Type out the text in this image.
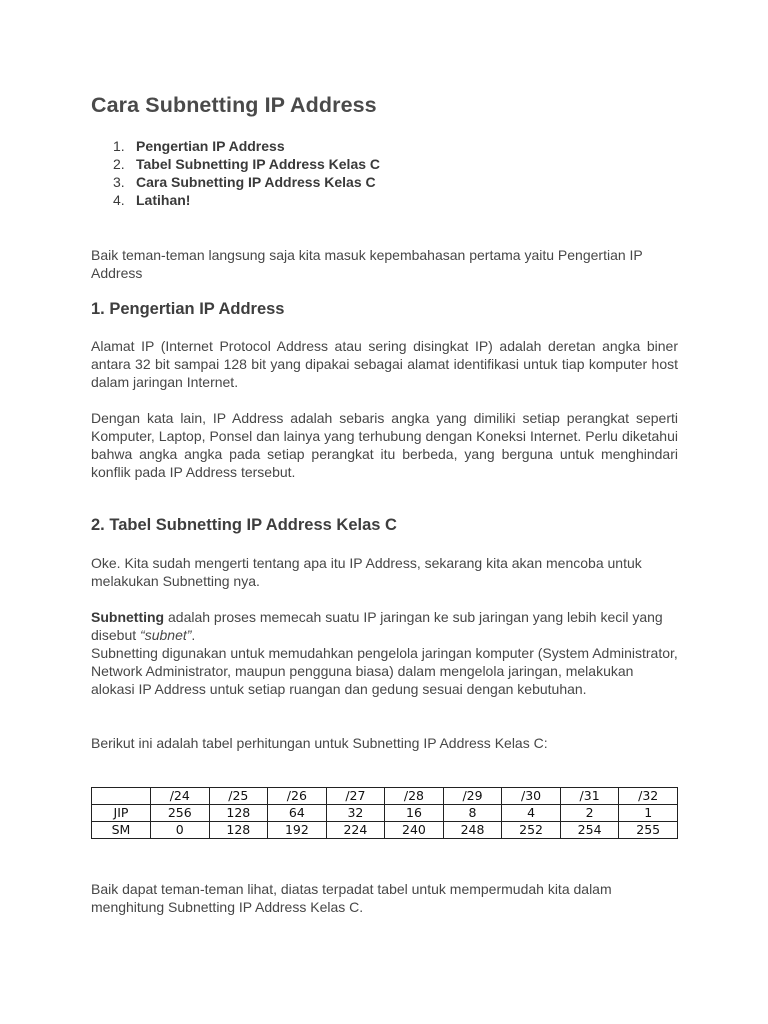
Cara Subnetting IP Address
1. Pengertian IP Address
2. Tabel Subnetting IP Address Kelas C
3. Cara Subnetting IP Address Kelas C
4. Latihan!

Baik teman-teman langsung saja kita masuk kepembahasan pertama yaitu Pengertian IP Address

1. Pengertian IP Address

Alamat IP (Internet Protocol Address atau sering disingkat IP) adalah deretan angka biner antara 32 bit sampai 128 bit yang dipakai sebagai alamat identifikasi untuk tiap komputer host dalam jaringan Internet.

Dengan kata lain, IP Address adalah sebaris angka yang dimiliki setiap perangkat seperti Komputer, Laptop, Ponsel dan lainya yang terhubung dengan Koneksi Internet. Perlu diketahui bahwa angka angka pada setiap perangkat itu berbeda, yang berguna untuk menghindari konflik pada IP Address tersebut.

2. Tabel Subnetting IP Address Kelas C

Oke. Kita sudah mengerti tentang apa itu IP Address, sekarang kita akan mencoba untuk melakukan Subnetting nya.

Subnetting adalah proses memecah suatu IP jaringan ke sub jaringan yang lebih kecil yang disebut “subnet”.
Subnetting digunakan untuk memudahkan pengelola jaringan komputer (System Administrator, Network Administrator, maupun pengguna biasa) dalam mengelola jaringan, melakukan alokasi IP Address untuk setiap ruangan dan gedung sesuai dengan kebutuhan.

Berikut ini adalah tabel perhitungan untuk Subnetting IP Address Kelas C:

	/24	/25	/26	/27	/28	/29	/30	/31	/32
JIP	256	128	64	32	16	8	4	2	1
SM	0	128	192	224	240	248	252	254	255

Baik dapat teman-teman lihat, diatas terpadat tabel untuk mempermudah kita dalam menghitung Subnetting IP Address Kelas C.
